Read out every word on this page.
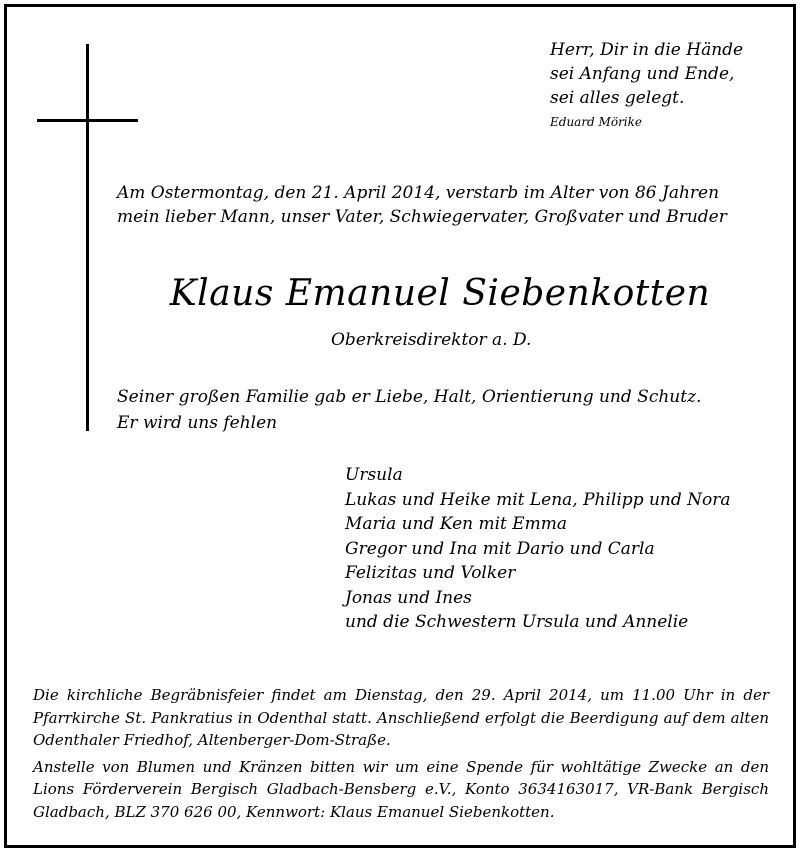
Herr, Dir in die Hände
sei Anfang und Ende,
sei alles gelegt.
Eduard Mörike
Am Ostermontag, den 21. April 2014, verstarb im Alter von 86 Jahren
mein lieber Mann, unser Vater, Schwiegervater, Großvater und Bruder
Klaus Emanuel Siebenkotten
Oberkreisdirektor a. D.
Seiner großen Familie gab er Liebe, Halt, Orientierung und Schutz.
Er wird uns fehlen
Ursula
Lukas und Heike mit Lena, Philipp und Nora
Maria und Ken mit Emma
Gregor und Ina mit Dario und Carla
Felizitas und Volker
Jonas und Ines
und die Schwestern Ursula und Annelie

Die kirchliche Begräbnisfeier findet am Dienstag, den 29. April 2014, um 11.00 Uhr in der Pfarrkirche St. Pankratius in Odenthal statt. Anschließend erfolgt die Beerdigung auf dem alten Odenthaler Friedhof, Altenberger-Dom-Straße.

Anstelle von Blumen und Kränzen bitten wir um eine Spende für wohltätige Zwecke an den Lions Förderverein Bergisch Gladbach-Bensberg e.V., Konto 3634163017, VR-Bank Bergisch Gladbach, BLZ 370 626 00, Kennwort: Klaus Emanuel Siebenkotten.
